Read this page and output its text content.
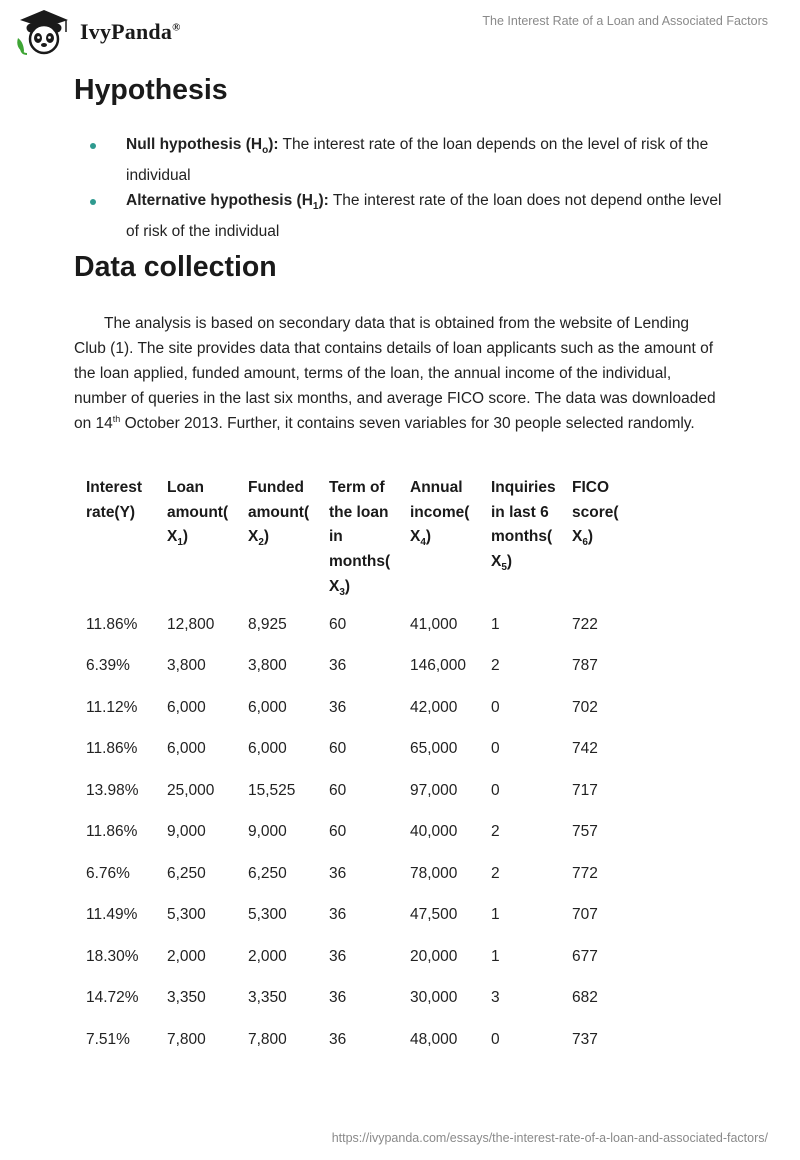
IvyPanda®	The Interest Rate of a Loan and Associated Factors
Hypothesis
Null hypothesis $(H_o)$: The interest rate of the loan depends on the level of risk of the individual
Alternative hypothesis $(H_1)$: The interest rate of the loan does not depend onthe level of risk of the individual
Data collection

The analysis is based on secondary data that is obtained from the website of Lending Club (1). The site provides data that contains details of loan applicants such as the amount of the loan applied, funded amount, terms of the loan, the annual income of the individual, number of queries in the last six months, and average FICO score. The data was downloaded on 14th October 2013. Further, it contains seven variables for 30 people selected randomly.

Interest rate(Y)	Loan amount( $X_1$)	Funded amount( $X_2$)	Term of the loan in months( $X_3$)	Annual income( $X_4$)	Inquiries in last 6 months( $X_5$)	FICO score( $X_6$)
11.86%	12,800	8,925	60	41,000	1	722
6.39%	3,800	3,800	36	146,000	2	787
11.12%	6,000	6,000	36	42,000	0	702
11.86%	6,000	6,000	60	65,000	0	742
13.98%	25,000	15,525	60	97,000	0	717
11.86%	9,000	9,000	60	40,000	2	757
6.76%	6,250	6,250	36	78,000	2	772
11.49%	5,300	5,300	36	47,500	1	707
18.30%	2,000	2,000	36	20,000	1	677
14.72%	3,350	3,350	36	30,000	3	682
7.51%	7,800	7,800	36	48,000	0	737
https://ivypanda.com/essays/the-interest-rate-of-a-loan-and-associated-factors/
